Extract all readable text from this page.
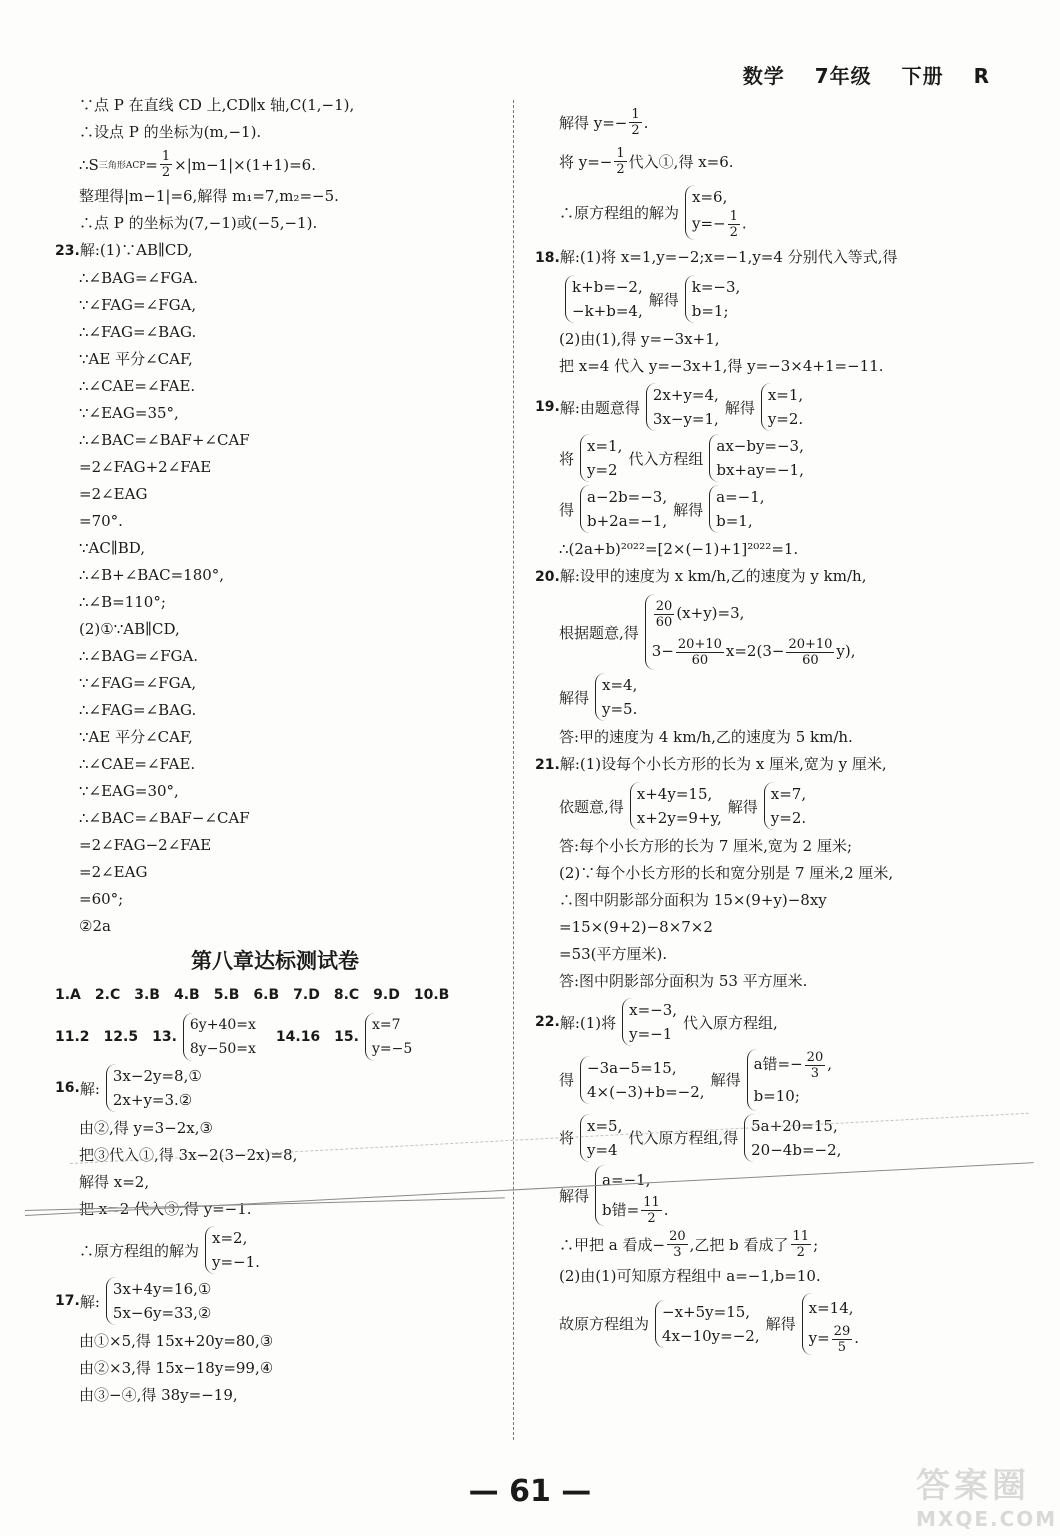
数学 7年级 下册 R
∵点 P 在直线 CD 上,CD∥x 轴,C(1,−1),
∴设点 P 的坐标为(m,−1).
∴S 三角形ACP = $\frac{1}{2} \times|m-1|\times(1+1)=6$.
整理得|m−1|=6,解得 m₁=7,m₂=−5.
∴点 P 的坐标为(7,−1)或(−5,−1).
23.解:(1)∵AB∥CD,
∴∠BAG=∠FGA.
∵∠FAG=∠FGA,
∴∠FAG=∠BAG.
∵AE 平分∠CAF,
∴∠CAE=∠FAE.
∵∠EAG=35°,
∴∠BAC=∠BAF+∠CAF
=2∠FAG+2∠FAE
=2∠EAG
=70°.
∵AC∥BD,
∴∠B+∠BAC=180°,
∴∠B=110°;
(2)①∵AB∥CD,
∴∠BAG=∠FGA.
∵∠FAG=∠FGA,
∴∠FAG=∠BAG.
∵AE 平分∠CAF,
∴∠CAE=∠FAE.
∵∠EAG=30°,
∴∠BAC=∠BAF−∠CAF
=2∠FAG−2∠FAE
=2∠EAG
=60°;
②2a
第八章达标测试卷
1.A　2.C　3.B　4.B　5.B　6.B　7.D　8.C　9.D　10.B
11.2　12.5　13.
6y+40=x
8y−50=x
14.16　15.
x=7
y=−5
16. 解:
3x−2y=8,①
2x+y=3.②
由②,得 y=3−2x,③
把③代入①,得 3x−2(3−2x)=8,
解得 x=2,
把 x=2 代入③,得 y=−1.
∴原方程组的解为
x=2,
y=−1.
17. 解:
3x+4y=16,①
5x−6y=33,②
由①×5,得 15x+20y=80,③
由②×3,得 15x−18y=99,④
由③−④,得 38y=−19,
解得 $y=- \frac{1}{2}$ .
将 $y=- \frac{1}{2}$ 代入①,得 x=6.
∴原方程组的解为
x=6,
$y=- \frac{1}{2}$ .
18.解:(1)将 x=1,y=−2;x=−1,y=4 分别代入等式,得
k+b=−2,
−k+b=4,
解得
k=−3,
b=1;
(2)由(1),得 y=−3x+1,
把 x=4 代入 y=−3x+1,得 y=−3×4+1=−11.
19. 解:由题意得
2x+y=4,
3x−y=1,
解得
x=1,
y=2.
将
x=1,
y=2
代入方程组
ax−by=−3,
bx+ay=−1,
得
a−2b=−3,
b+2a=−1,
解得
a=−1,
b=1,
∴(2a+b)²⁰²²=[2×(−1)+1]²⁰²²=1.
20.解:设甲的速度为 x km/h,乙的速度为 y km/h,
根据题意,得
$\frac{20}{60} (x+y)=3$,
$3- \frac{20+10}{60} x=2(3- \frac{20+10}{60} y)$,
解得
x=4,
y=5.
答:甲的速度为 4 km/h,乙的速度为 5 km/h.
21.解:(1)设每个小长方形的长为 x 厘米,宽为 y 厘米,
依题意,得
x+4y=15,
x+2y=9+y,
解得
x=7,
y=2.
答:每个小长方形的长为 7 厘米,宽为 2 厘米;
(2)∵每个小长方形的长和宽分别是 7 厘米,2 厘米,
∴图中阴影部分面积为 15×(9+y)−8xy
=15×(9+2)−8×7×2
=53(平方厘米).
答:图中阴影部分面积为 53 平方厘米.
22. 解:(1)将
x=−3,
y=−1
代入原方程组,
得
−3a−5=15,
4×(−3)+b=−2,
解得
a错=− $\frac{20}{3}$ ,
b=10;
将
x=5,
y=4
代入原方程组,得
5a+20=15,
20−4b=−2,
解得
a=−1,
b错= $\frac{11}{2}$ .
∴甲把 a 看成− $\frac{20}{3}$ ,乙把 b 看成了 $\frac{11}{2}$ ;
(2)由(1)可知原方程组中 a=−1,b=10.
故原方程组为
−x+5y=15,
4x−10y=−2,
解得
x=14,
$y= \frac{29}{5}$ .
— 61 —	答案圈
MXQE.COM
